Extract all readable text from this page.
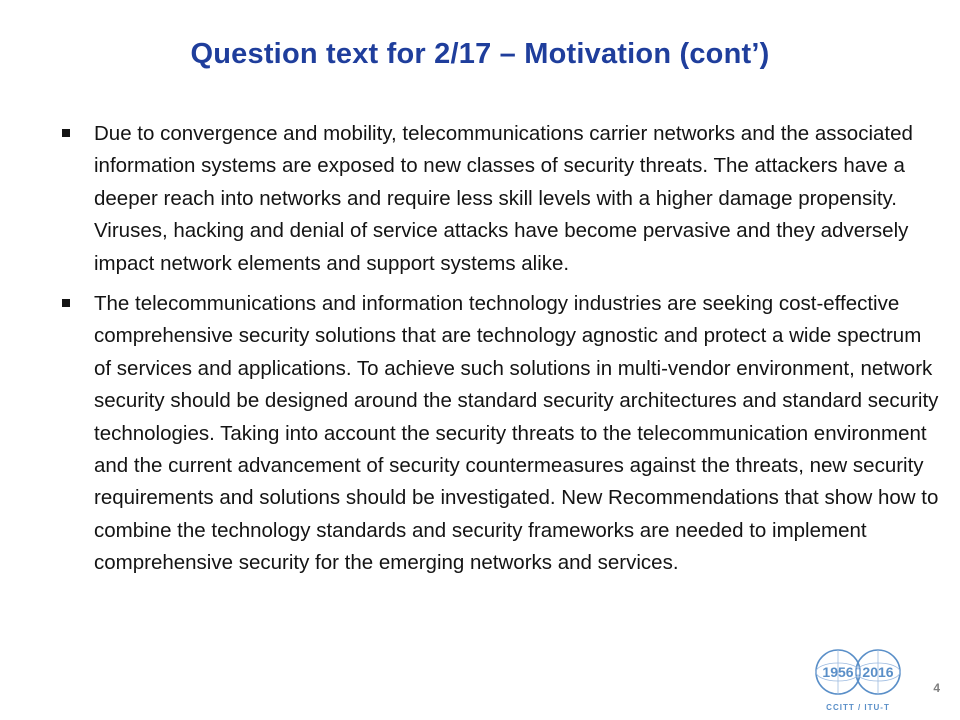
Question text for 2/17 – Motivation (cont’)
Due to convergence and mobility, telecommunications carrier networks and the associated information systems are exposed to new classes of security threats. The attackers have a deeper reach into networks and require less skill levels with a higher damage propensity. Viruses, hacking and denial of service attacks have become pervasive and they adversely impact network elements and support systems alike.
The telecommunications and information technology industries are seeking cost-effective comprehensive security solutions that are technology agnostic and protect a wide spectrum of services and applications. To achieve such solutions in multi-vendor environment, network security should be designed around the standard security architectures and standard security technologies. Taking into account the security threats to the telecommunication environment and the current advancement of security countermeasures against the threats, new security requirements and solutions should be investigated. New Recommendations that show how to combine the technology standards and security frameworks are needed to implement comprehensive security for the emerging networks and services.
1956 2016
CCITT / ITU-T
4
